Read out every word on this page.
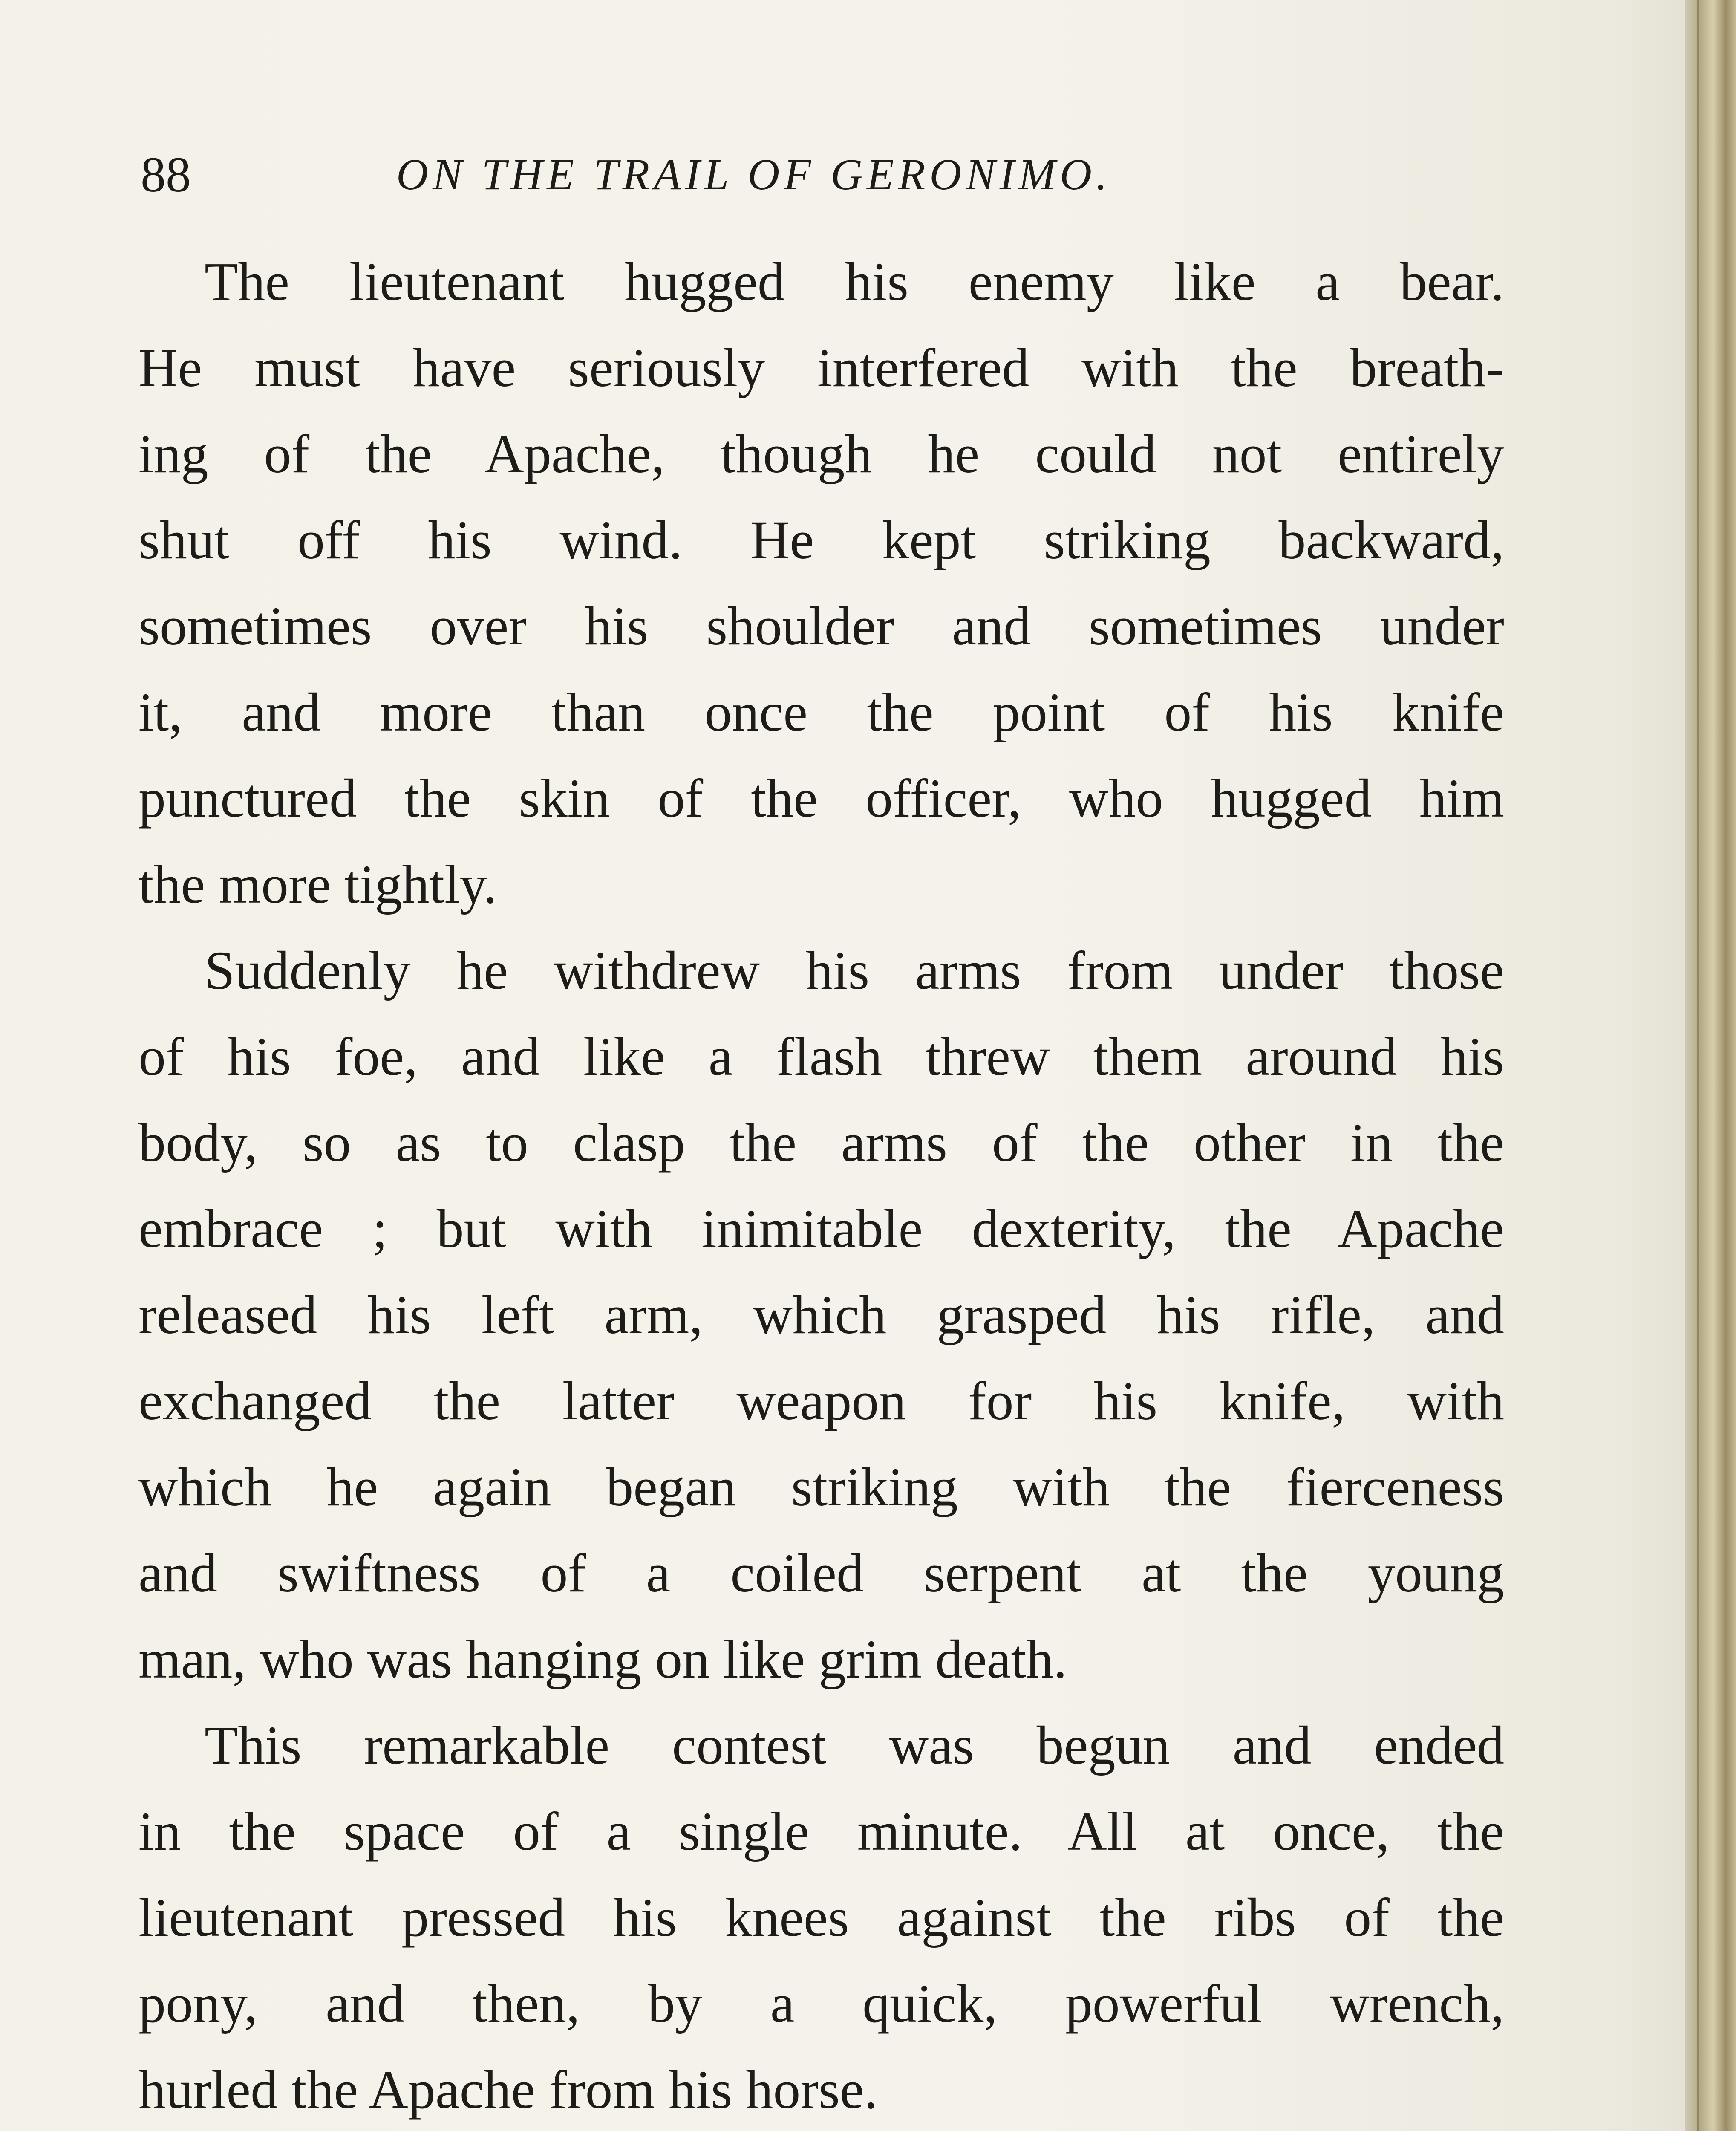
88	ON THE TRAIL OF GERONIMO.
The lieutenant hugged his enemy like a bear.
He must have seriously interfered with the breath-
ing of the Apache, though he could not entirely
shut off his wind. He kept striking backward,
sometimes over his shoulder and sometimes under
it, and more than once the point of his knife
punctured the skin of the officer, who hugged him
the more tightly.
Suddenly he withdrew his arms from under those
of his foe, and like a flash threw them around his
body, so as to clasp the arms of the other in the
embrace ; but with inimitable dexterity, the Apache
released his left arm, which grasped his rifle, and
exchanged the latter weapon for his knife, with
which he again began striking with the fierceness
and swiftness of a coiled serpent at the young
man, who was hanging on like grim death.
This remarkable contest was begun and ended
in the space of a single minute. All at once, the
lieutenant pressed his knees against the ribs of the
pony, and then, by a quick, powerful wrench,
hurled the Apache from his horse.
